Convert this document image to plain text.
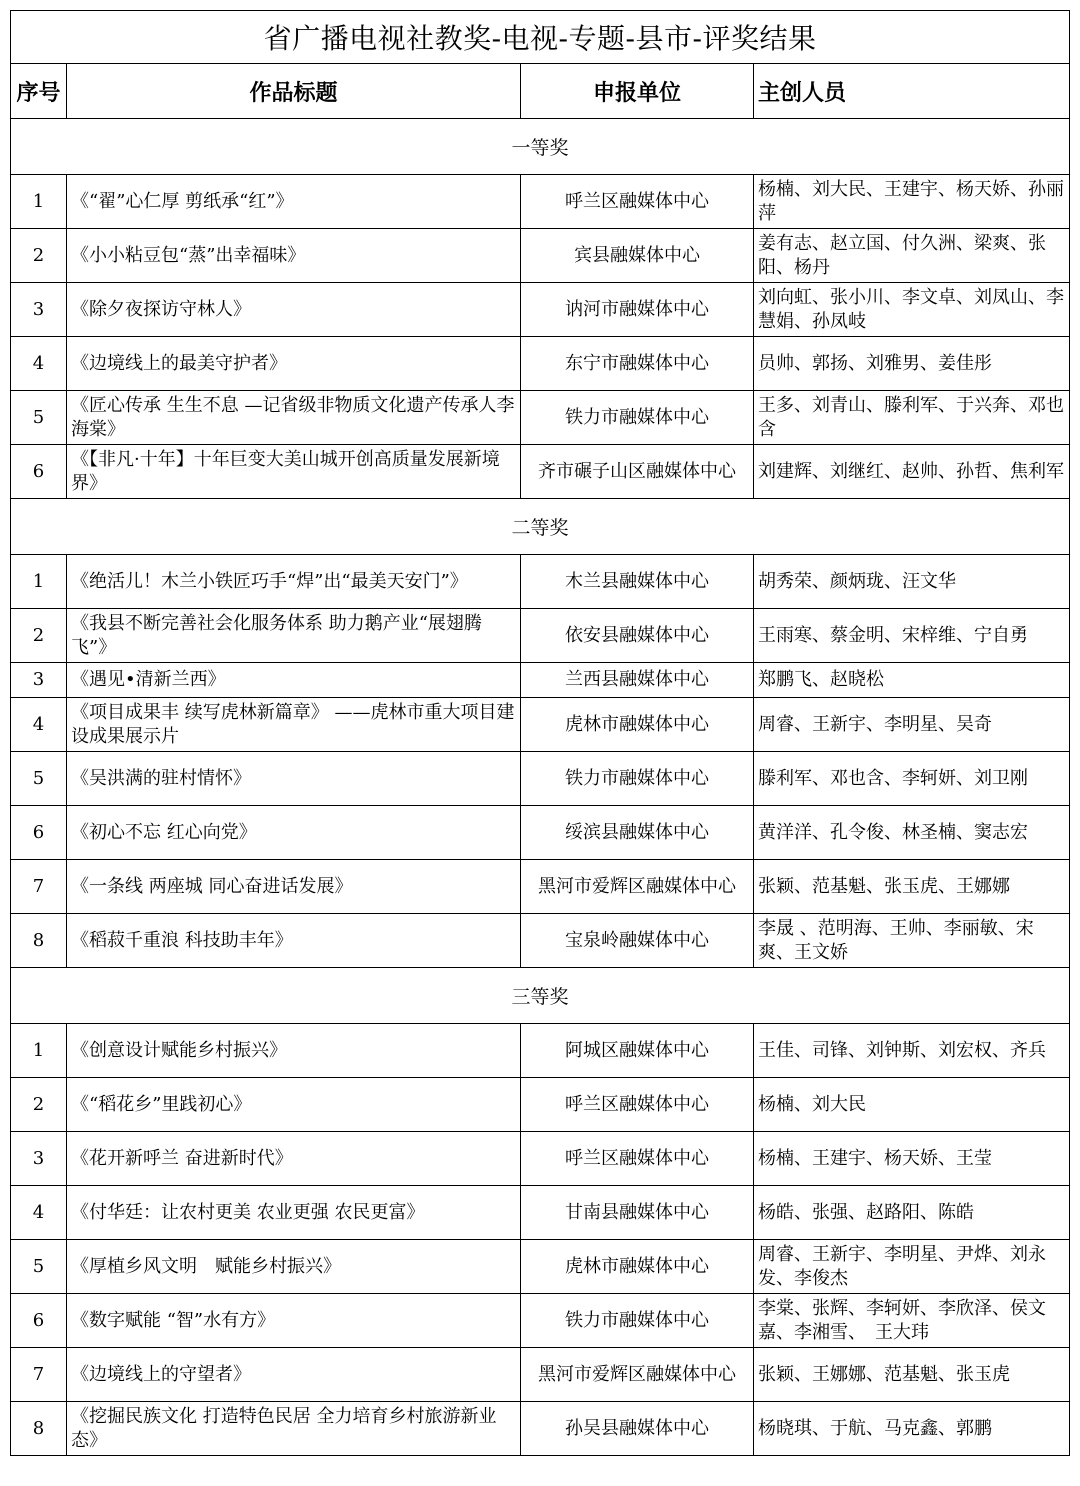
省广播电视社教奖-电视-专题-县市-评奖结果			
序号	作品标题	申报单位	主创人员
一等奖			
1	《“翟”心仁厚 剪纸承“红”》	呼兰区融媒体中心	杨楠、刘大民、王建宇、杨天娇、孙丽萍
2	《小小粘豆包“蒸”出幸福味》	宾县融媒体中心	姜有志、赵立国、付久洲、梁爽、张阳、杨丹
3	《除夕夜探访守林人》	讷河市融媒体中心	刘向虹、张小川、李文卓、刘凤山、李慧娟、孙凤岐
4	《边境线上的最美守护者》	东宁市融媒体中心	员帅、郭扬、刘雅男、姜佳彤
5	《匠心传承 生生不息 —记省级非物质文化遗产传承人李海棠》	铁力市融媒体中心	王多、刘青山、滕利军、于兴奔、邓也含
6	《【非凡·十年】十年巨变大美山城开创高质量发展新境界》	齐市碾子山区融媒体中心	刘建辉、刘继红、赵帅、孙哲、焦利军
二等奖			
1	《绝活儿！木兰小铁匠巧手“焊”出“最美天安门”》	木兰县融媒体中心	胡秀荣、颜炳珑、汪文华
2	《我县不断完善社会化服务体系 助力鹅产业“展翅腾飞”》	依安县融媒体中心	王雨寒、蔡金明、宋梓维、宁自勇
3	《遇见•清新兰西》	兰西县融媒体中心	郑鹏飞、赵晓松
4	《项目成果丰 续写虎林新篇章》 ——虎林市重大项目建设成果展示片	虎林市融媒体中心	周睿、王新宇、李明星、吴奇
5	《吴洪满的驻村情怀》	铁力市融媒体中心	滕利军、邓也含、李轲妍、刘卫刚
6	《初心不忘 红心向党》	绥滨县融媒体中心	黄洋洋、孔令俊、林圣楠、窦志宏
7	《一条线 两座城 同心奋进话发展》	黑河市爱辉区融媒体中心	张颖、范基魁、张玉虎、王娜娜
8	《稻菽千重浪 科技助丰年》	宝泉岭融媒体中心	李晟 、范明海、王帅、李丽敏、宋爽、王文娇
三等奖			
1	《创意设计赋能乡村振兴》	阿城区融媒体中心	王佳、司锋、刘钟斯、刘宏权、齐兵
2	《“稻花乡”里践初心》	呼兰区融媒体中心	杨楠、刘大民
3	《花开新呼兰 奋进新时代》	呼兰区融媒体中心	杨楠、王建宇、杨天娇、王莹
4	《付华廷：让农村更美 农业更强 农民更富》	甘南县融媒体中心	杨皓、张强、赵路阳、陈皓
5	《厚植乡风文明　赋能乡村振兴》	虎林市融媒体中心	周睿、王新宇、李明星、尹烨、刘永发、李俊杰
6	《数字赋能 “智”水有方》	铁力市融媒体中心	李棠、张辉、李轲妍、李欣泽、侯文嘉、李湘雪、　王大玮
7	《边境线上的守望者》	黑河市爱辉区融媒体中心	张颖、王娜娜、范基魁、张玉虎
8	《挖掘民族文化 打造特色民居 全力培育乡村旅游新业态》	孙吴县融媒体中心	杨晓琪、于航、马克鑫、郭鹏
